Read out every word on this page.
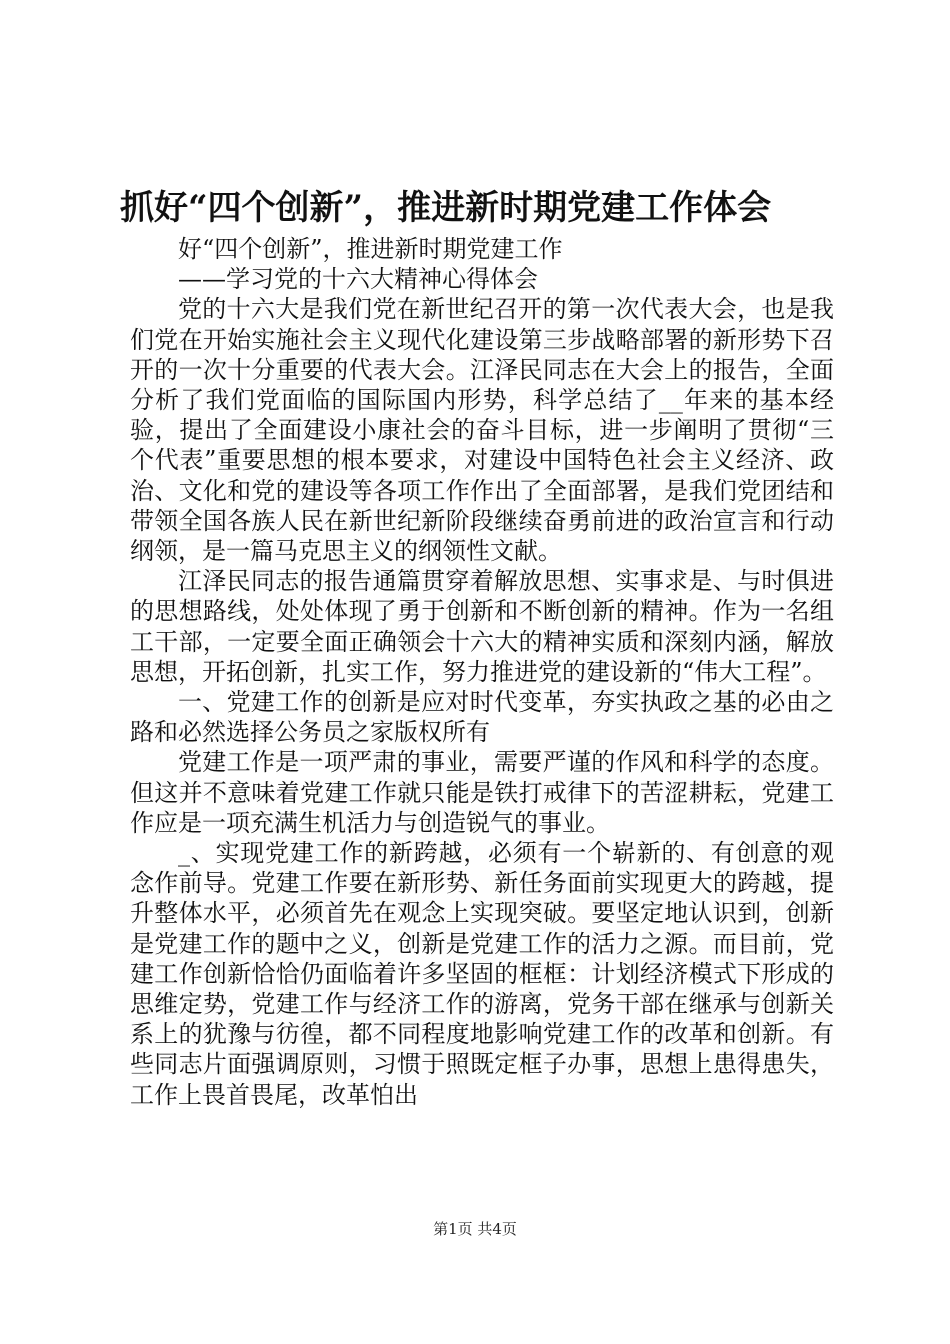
抓好“四个创新”，推进新时期党建工作体会

好“四个创新”，推进新时期党建工作

——学习党的十六大精神心得体会

党的十六大是我们党在新世纪召开的第一次代表大会，也是我们党在开始实施社会主义现代化建设第三步战略部署的新形势下召开的一次十分重要的代表大会。江泽民同志在大会上的报告，全面分析了我们党面临的国际国内形势，科学总结了__年来的基本经验，提出了全面建设小康社会的奋斗目标，进一步阐明了贯彻“三个代表”重要思想的根本要求，对建设中国特色社会主义经济、政治、文化和党的建设等各项工作作出了全面部署，是我们党团结和带领全国各族人民在新世纪新阶段继续奋勇前进的政治宣言和行动纲领，是一篇马克思主义的纲领性文献。

江泽民同志的报告通篇贯穿着解放思想、实事求是、与时俱进的思想路线，处处体现了勇于创新和不断创新的精神。作为一名组工干部，一定要全面正确领会十六大的精神实质和深刻内涵，解放思想，开拓创新，扎实工作，努力推进党的建设新的“伟大工程”。

一、党建工作的创新是应对时代变革，夯实执政之基的必由之路和必然选择公务员之家版权所有

党建工作是一项严肃的事业，需要严谨的作风和科学的态度。但这并不意味着党建工作就只能是铁打戒律下的苦涩耕耘，党建工作应是一项充满生机活力与创造锐气的事业。

_、实现党建工作的新跨越，必须有一个崭新的、有创意的观念作前导。党建工作要在新形势、新任务面前实现更大的跨越，提升整体水平，必须首先在观念上实现突破。要坚定地认识到，创新是党建工作的题中之义，创新是党建工作的活力之源。而目前，党建工作创新恰恰仍面临着许多坚固的框框：计划经济模式下形成的思维定势，党建工作与经济工作的游离，党务干部在继承与创新关系上的犹豫与彷徨，都不同程度地影响党建工作的改革和创新。有些同志片面强调原则，习惯于照既定框子办事，思想上患得患失，工作上畏首畏尾，改革怕出

第1页 共4页
